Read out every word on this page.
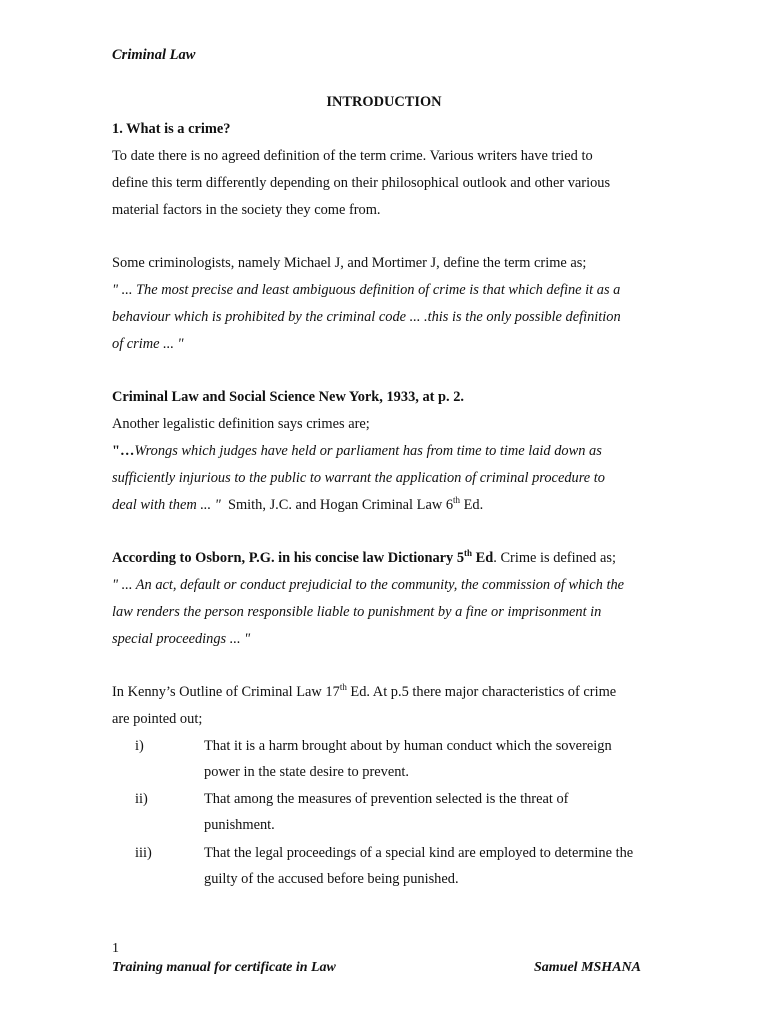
Criminal Law
INTRODUCTION
1. What is a crime?
To date there is no agreed definition of the term crime. Various writers have tried to
define this term differently depending on their philosophical outlook and other various
material factors in the society they come from.
Some criminologists, namely Michael J, and Mortimer J, define the term crime as;
" ... The most precise and least ambiguous definition of crime is that which define it as a
behaviour which is prohibited by the criminal code ... .this is the only possible definition
of crime ... "
Criminal Law and Social Science New York, 1933, at p. 2.
Another legalistic definition says crimes are;
"…Wrongs which judges have held or parliament has from time to time laid down as
sufficiently injurious to the public to warrant the application of criminal procedure to
deal with them ... " Smith, J.C. and Hogan Criminal Law 6th Ed.
According to Osborn, P.G. in his concise law Dictionary 5th Ed. Crime is defined as;
" ... An act, default or conduct prejudicial to the community, the commission of which the
law renders the person responsible liable to punishment by a fine or imprisonment in
special proceedings ... "
In Kenny’s Outline of Criminal Law 17th Ed. At p.5 there major characteristics of crime
are pointed out;
i)	That it is a harm brought about by human conduct which the sovereign
power in the state desire to prevent.
ii)	That among the measures of prevention selected is the threat of
punishment.
iii)	That the legal proceedings of a special kind are employed to determine the
guilty of the accused before being punished.
1
Training manual for certificate in Law	Samuel MSHANA
